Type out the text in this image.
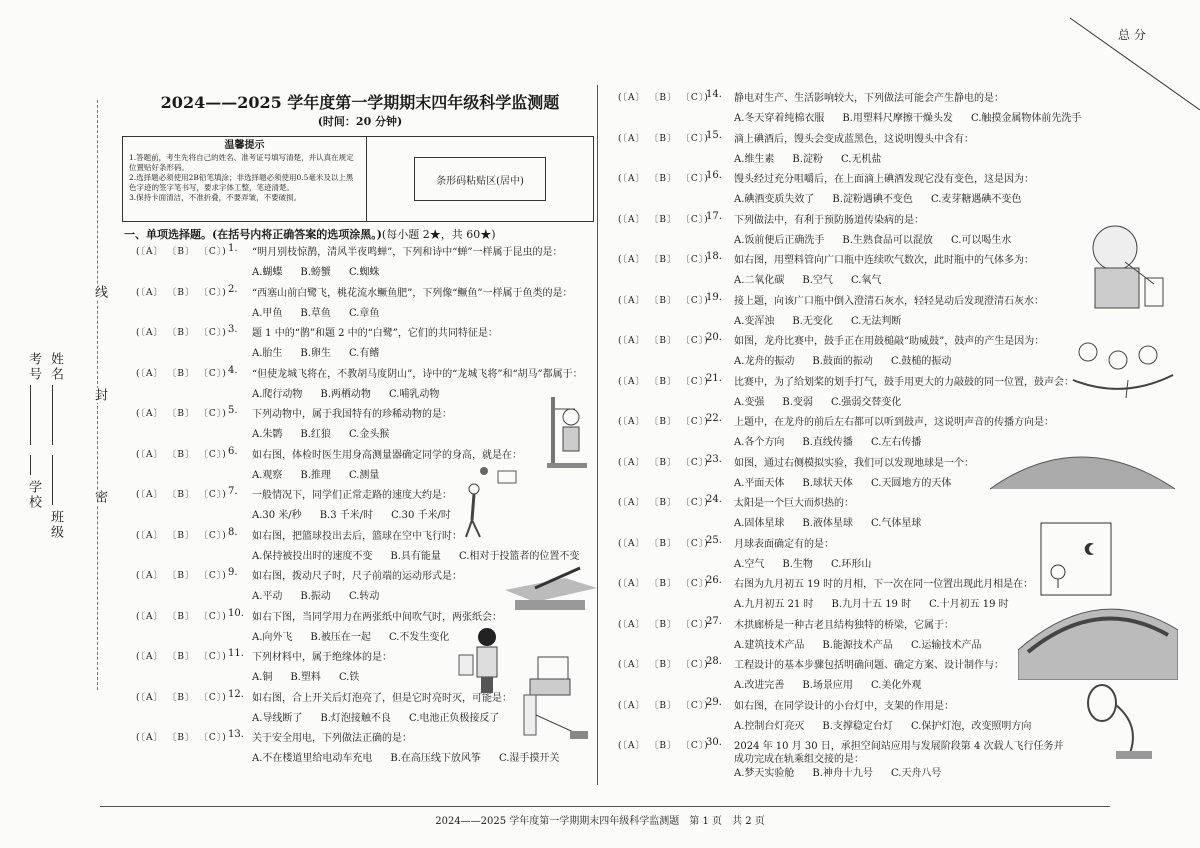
总 分
考号 姓名
学校
班级
线
封
密
2024——2025 学年度第一学期期末四年级科学监测题
(时间：20 分钟)
温馨提示
1.答题前，考生先将自己的姓名、准考证号填写清楚，并认真在规定位置贴好条形码。
2.选择题必须使用2B铅笔填涂；非选择题必须使用0.5毫米及以上黑色字迹的签字笔书写，要求字体工整，笔迹清楚。
3.保持卡面清洁，不准折叠，不要弄皱，不要破损。
条形码粘贴区(居中)
一、单项选择题。(在括号内将正确答案的选项涂黑。)(每小题 2★，共 60★)
(〔A〕 〔B〕 〔C〕) 1. “明月别枝惊鹊，清风半夜鸣蝉”，下列和诗中“蝉”一样属于昆虫的是：
A.蝴蝶 B.螃蟹 C.蜘蛛
(〔A〕 〔B〕 〔C〕) 2. “西塞山前白鹭飞，桃花流水鳜鱼肥”，下列像“鳜鱼”一样属于鱼类的是：
A.甲鱼 B.草鱼 C.章鱼
(〔A〕 〔B〕 〔C〕) 3. 题 1 中的“鹊”和题 2 中的“白鹭”，它们的共同特征是：
A.胎生 B.卵生 C.有鳍
(〔A〕 〔B〕 〔C〕) 4. “但使龙城飞将在，不教胡马度阴山”，诗中的“龙城飞将”和“胡马”都属于：
A.爬行动物 B.两栖动物 C.哺乳动物
(〔A〕 〔B〕 〔C〕) 5. 下列动物中，属于我国特有的珍稀动物的是：
A.朱鹮 B.红狼 C.金头猴
(〔A〕 〔B〕 〔C〕) 6. 如右图，体检时医生用身高测量器确定同学的身高，就是在：
A.观察 B.推理 C.测量
(〔A〕 〔B〕 〔C〕) 7. 一般情况下，同学们正常走路的速度大约是：
A.30 米/秒 B.3 千米/时 C.30 千米/时
(〔A〕 〔B〕 〔C〕) 8. 如右图，把篮球投出去后，篮球在空中飞行时：
A.保持被投出时的速度不变 B.具有能量 C.相对于投篮者的位置不变
(〔A〕 〔B〕 〔C〕) 9. 如右图，拨动尺子时，尺子前端的运动形式是：
A.平动 B.振动 C.转动
(〔A〕 〔B〕 〔C〕) 10. 如右下图，当同学用力在两张纸中间吹气时，两张纸会：
A.向外飞 B.被压在一起 C.不发生变化
(〔A〕 〔B〕 〔C〕) 11. 下列材料中，属于绝缘体的是：
A.铜 B.塑料 C.铁
(〔A〕 〔B〕 〔C〕) 12. 如右图，合上开关后灯泡亮了，但是它时亮时灭，可能是：
A.导线断了 B.灯泡接触不良 C.电池正负极接反了
(〔A〕 〔B〕 〔C〕) 13. 关于安全用电，下列做法正确的是：
A.不在楼道里给电动车充电 B.在高压线下放风筝 C.湿手摸开关
(〔A〕 〔B〕 〔C〕)
14. 静电对生产、生活影响较大，下列做法可能会产生静电的是：
A.冬天穿着纯棉衣服 B.用塑料尺摩擦干燥头发 C.触摸金属物体前先洗手
(〔A〕 〔B〕 〔C〕)
15. 滴上碘酒后，馒头会变成蓝黑色，这说明馒头中含有：
A.维生素 B.淀粉 C.无机盐
(〔A〕 〔B〕 〔C〕)
16. 馒头经过充分咀嚼后，在上面滴上碘酒发现它没有变色，这是因为：
A.碘酒变质失效了 B.淀粉遇碘不变色 C.麦芽糖遇碘不变色
(〔A〕 〔B〕 〔C〕)
17. 下列做法中，有利于预防肠道传染病的是：
A.饭前便后正确洗手 B.生熟食品可以混放 C.可以喝生水
(〔A〕 〔B〕 〔C〕)
18. 如右图，用塑料管向广口瓶中连续吹气数次，此时瓶中的气体多为：
A.二氧化碳 B.空气 C.氧气
(〔A〕 〔B〕 〔C〕)
19. 接上题，向该广口瓶中倒入澄清石灰水，轻轻晃动后发现澄清石灰水：
A.变浑浊 B.无变化 C.无法判断
(〔A〕 〔B〕 〔C〕)
20. 如图，龙舟比赛中，鼓手正在用鼓槌敲“助威鼓”，鼓声的产生是因为：
A.龙舟的振动 B.鼓面的振动 C.鼓槌的振动
(〔A〕 〔B〕 〔C〕)
21. 比赛中，为了给划桨的划手打气，鼓手用更大的力敲鼓的同一位置，鼓声会：
A.变强 B.变弱 C.强弱交替变化
(〔A〕 〔B〕 〔C〕)
22. 上题中，在龙舟的前后左右都可以听到鼓声，这说明声音的传播方向是：
A.各个方向 B.直线传播 C.左右传播
(〔A〕 〔B〕 〔C〕)
23. 如图，通过右侧模拟实验，我们可以发现地球是一个：
A.平面天体 B.球状天体 C.天圆地方的天体
(〔A〕 〔B〕 〔C〕)
24. 太阳是一个巨大而炽热的：
A.固体星球 B.液体星球 C.气体星球
(〔A〕 〔B〕 〔C〕)
25. 月球表面确定有的是：
A.空气 B.生物 C.环形山
(〔A〕 〔B〕 〔C〕)
26. 右图为九月初五 19 时的月相，下一次在同一位置出现此月相是在：
A.九月初五 21 时 B.九月十五 19 时 C.十月初五 19 时
(〔A〕 〔B〕 〔C〕)
27. 木拱廊桥是一种古老且结构独特的桥梁，它属于：
A.建筑技术产品 B.能源技术产品 C.运输技术产品
(〔A〕 〔B〕 〔C〕)
28. 工程设计的基本步骤包括明确问题、确定方案、设计制作与：
A.改进完善 B.场景应用 C.美化外观
(〔A〕 〔B〕 〔C〕)
29. 如右图，在同学设计的小台灯中，支架的作用是：
A.控制台灯亮灭 B.支撑稳定台灯 C.保护灯泡，改变照明方向
(〔A〕 〔B〕 〔C〕)
30. 2024 年 10 月 30 日，承担空间站应用与发展阶段第 4 次载人飞行任务并
成功完成在轨乘组交接的是：
A.梦天实验舱 B.神舟十九号 C.天舟八号
2024——2025 学年度第一学期期末四年级科学监测题　第 1 页　共 2 页
